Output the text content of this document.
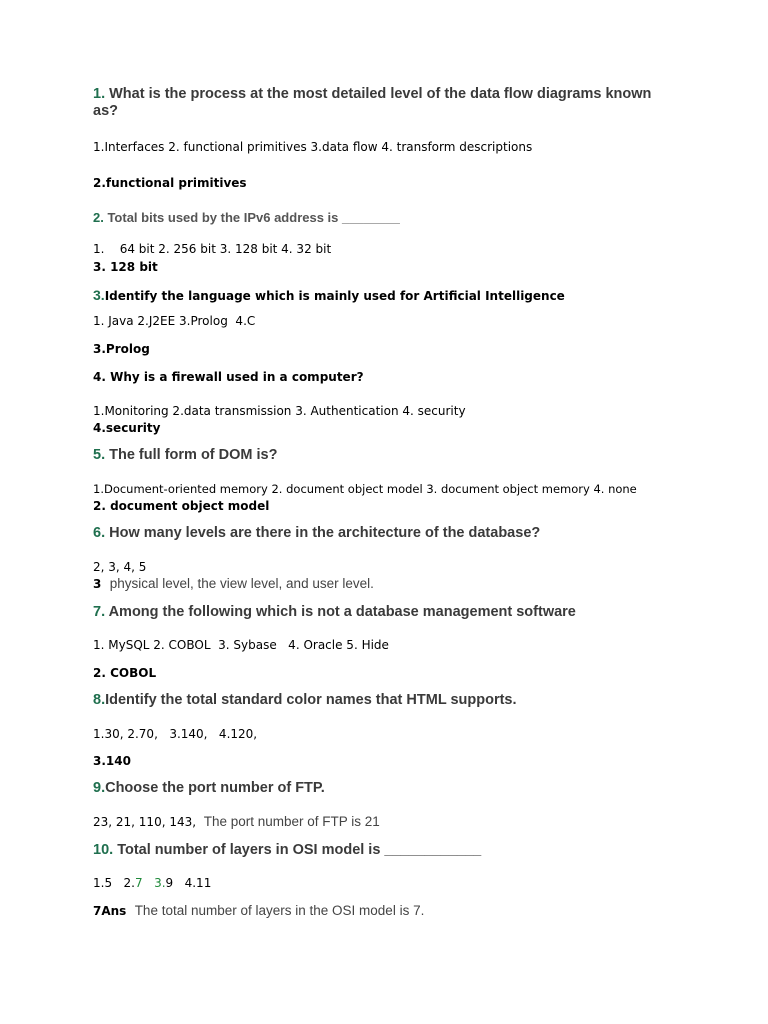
1. What is the process at the most detailed level of the data flow diagrams known as?

1.Interfaces 2. functional primitives 3.data flow 4. transform descriptions

2.functional primitives

2. Total bits used by the IPv6 address is ________

1.    64 bit 2. 256 bit 3. 128 bit 4. 32 bit

3. 128 bit

3.Identify the language which is mainly used for Artificial Intelligence

1. Java 2.J2EE 3.Prolog  4.C

3.Prolog

4. Why is a firewall used in a computer?

1.Monitoring 2.data transmission 3. Authentication 4. security

4.security

5. The full form of DOM is?

1.Document-oriented memory 2. document object model 3. document object memory 4. none

2. document object model

6. How many levels are there in the architecture of the database?

2, 3, 4, 5

3 physical level, the view level, and user level.

7. Among the following which is not a database management software

1. MySQL 2. COBOL  3. Sybase   4. Oracle 5. Hide

2. COBOL

8.Identify the total standard color names that HTML supports.

1.30, 2.70,   3.140,   4.120,

3.140

9.Choose the port number of FTP.

23, 21, 110, 143, The port number of FTP is 21

10. Total number of layers in OSI model is ____________

1.5   2.7 3.9   4.11

7Ans The total number of layers in the OSI model is 7.
